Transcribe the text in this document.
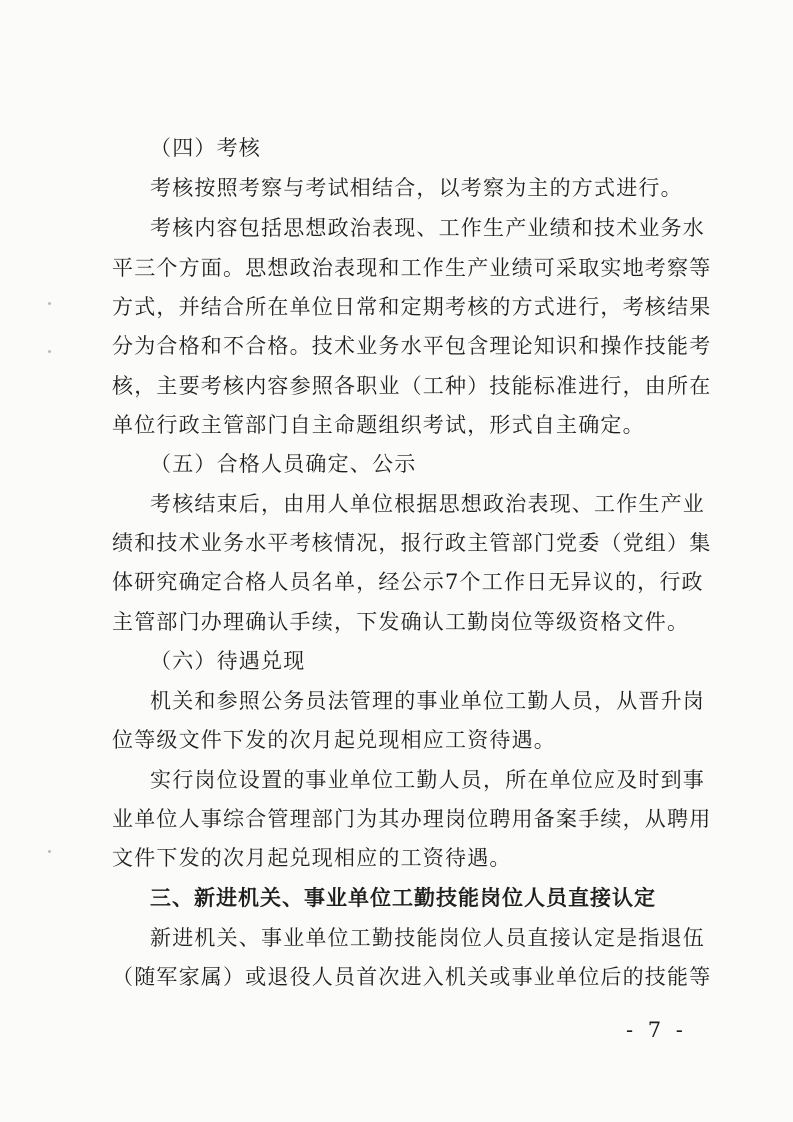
（四）考核
考核按照考察与考试相结合，以考察为主的方式进行。
考核内容包括思想政治表现、工作生产业绩和技术业务水
平三个方面。思想政治表现和工作生产业绩可采取实地考察等
方式，并结合所在单位日常和定期考核的方式进行，考核结果
分为合格和不合格。技术业务水平包含理论知识和操作技能考
核，主要考核内容参照各职业（工种）技能标准进行，由所在
单位行政主管部门自主命题组织考试，形式自主确定。
（五）合格人员确定、公示
考核结束后，由用人单位根据思想政治表现、工作生产业
绩和技术业务水平考核情况，报行政主管部门党委（党组）集
体研究确定合格人员名单，经公示7个工作日无异议的，行政
主管部门办理确认手续，下发确认工勤岗位等级资格文件。
（六）待遇兑现
机关和参照公务员法管理的事业单位工勤人员，从晋升岗
位等级文件下发的次月起兑现相应工资待遇。
实行岗位设置的事业单位工勤人员，所在单位应及时到事
业单位人事综合管理部门为其办理岗位聘用备案手续，从聘用
文件下发的次月起兑现相应的工资待遇。
三、新进机关、事业单位工勤技能岗位人员直接认定
新进机关、事业单位工勤技能岗位人员直接认定是指退伍
（随军家属）或退役人员首次进入机关或事业单位后的技能等
- 7 -
